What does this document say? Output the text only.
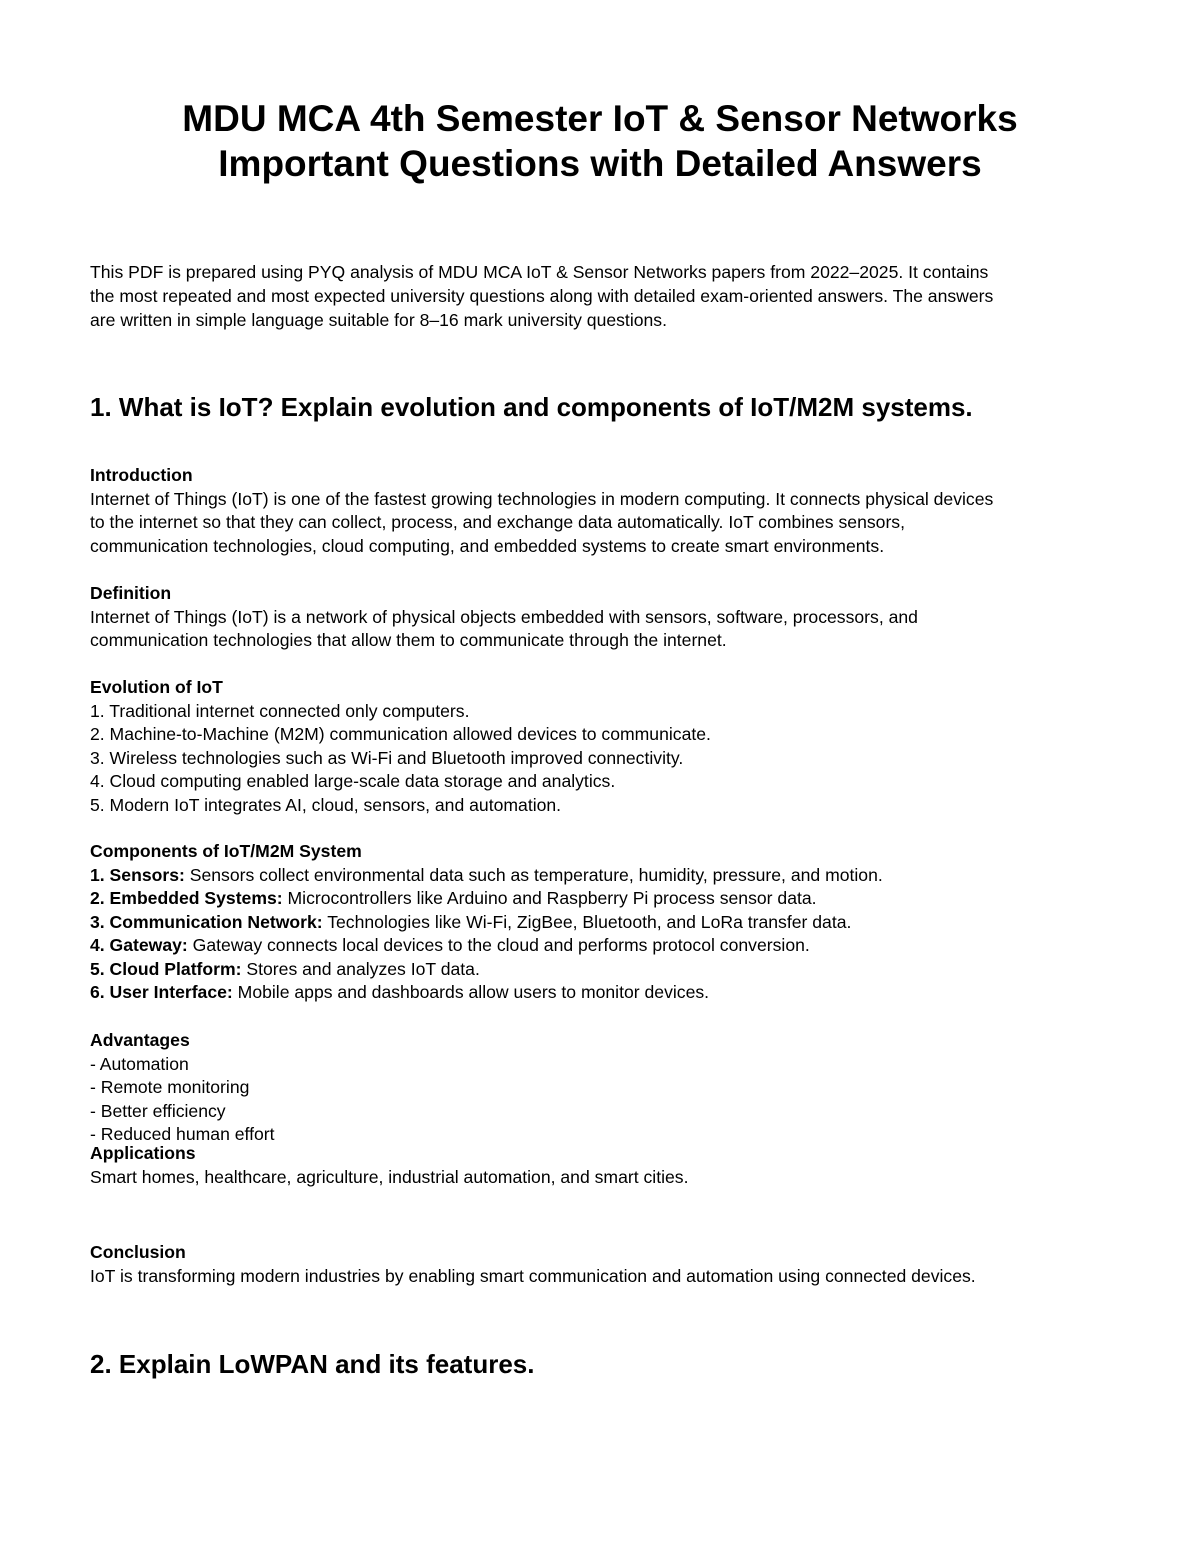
MDU MCA 4th Semester IoT & Sensor Networks
Important Questions with Detailed Answers

This PDF is prepared using PYQ analysis of MDU MCA IoT & Sensor Networks papers from 2022–2025. It contains
the most repeated and most expected university questions along with detailed exam-oriented answers. The answers
are written in simple language suitable for 8–16 mark university questions.

1. What is IoT? Explain evolution and components of IoT/M2M systems.
Introduction
Internet of Things (IoT) is one of the fastest growing technologies in modern computing. It connects physical devices
to the internet so that they can collect, process, and exchange data automatically. IoT combines sensors,
communication technologies, cloud computing, and embedded systems to create smart environments.
Definition
Internet of Things (IoT) is a network of physical objects embedded with sensors, software, processors, and
communication technologies that allow them to communicate through the internet.
Evolution of IoT
1. Traditional internet connected only computers.
2. Machine-to-Machine (M2M) communication allowed devices to communicate.
3. Wireless technologies such as Wi-Fi and Bluetooth improved connectivity.
4. Cloud computing enabled large-scale data storage and analytics.
5. Modern IoT integrates AI, cloud, sensors, and automation.
Components of IoT/M2M System
1. Sensors: Sensors collect environmental data such as temperature, humidity, pressure, and motion.
2. Embedded Systems: Microcontrollers like Arduino and Raspberry Pi process sensor data.
3. Communication Network: Technologies like Wi-Fi, ZigBee, Bluetooth, and LoRa transfer data.
4. Gateway: Gateway connects local devices to the cloud and performs protocol conversion.
5. Cloud Platform: Stores and analyzes IoT data.
6. User Interface: Mobile apps and dashboards allow users to monitor devices.
Advantages
- Automation
- Remote monitoring
- Better efficiency
- Reduced human effort
Applications
Smart homes, healthcare, agriculture, industrial automation, and smart cities.
Conclusion
IoT is transforming modern industries by enabling smart communication and automation using connected devices.
2. Explain LoWPAN and its features.
